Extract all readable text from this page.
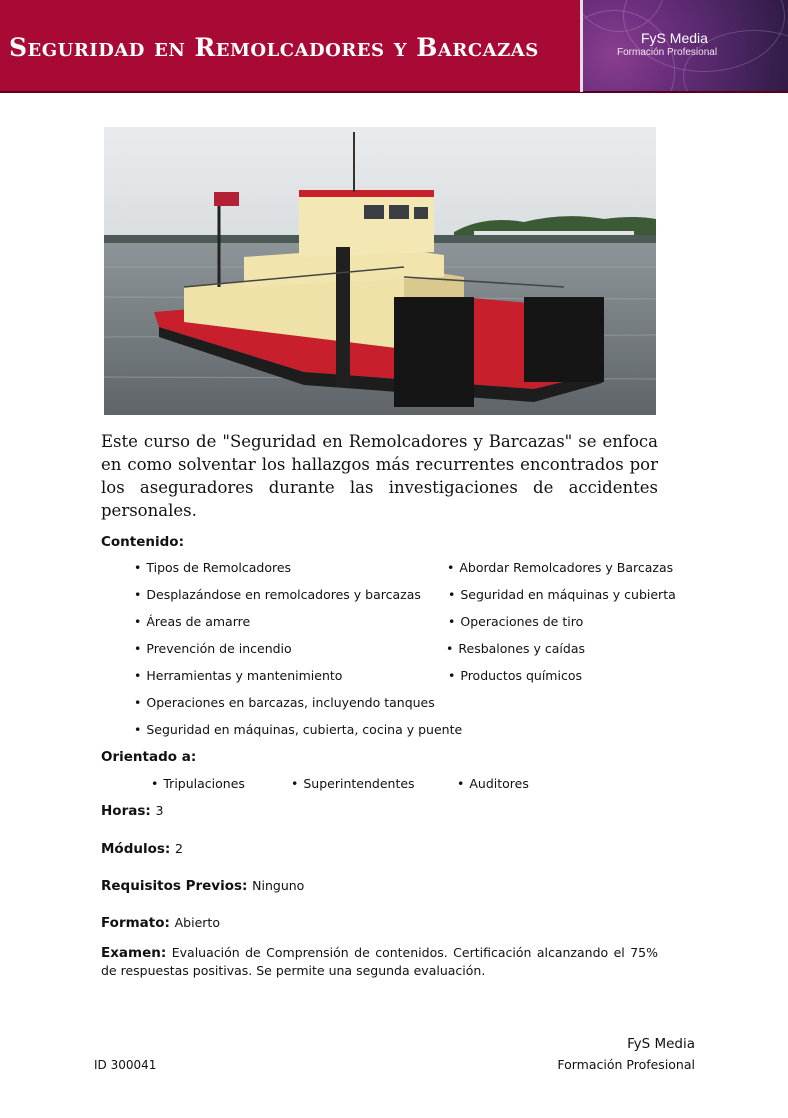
Seguridad en Remolcadores y Barcazas	FyS Media
Formación Profesional
Este curso de "Seguridad en Remolcadores y Barcazas" se enfoca en como solventar los hallazgos más recurrentes encontrados por los aseguradores durante las investigaciones de accidentes personales.
Contenido:
• Tipos de Remolcadores
• Desplazándose en remolcadores y barcazas
• Áreas de amarre
• Prevención de incendio
• Herramientas y mantenimiento
• Operaciones en barcazas, incluyendo tanques
• Seguridad en máquinas, cubierta, cocina y puente
• Abordar Remolcadores y Barcazas
• Seguridad en máquinas y cubierta
• Operaciones de tiro
• Resbalones y caídas
• Productos químicos
Orientado a:
• Tripulaciones	• Superintendentes	• Auditores
Horas: 3
Módulos: 2
Requisitos Previos: Ninguno
Formato: Abierto
Examen: Evaluación de Comprensión de contenidos. Certificación alcanzando el 75% de respuestas positivas. Se permite una segunda evaluación.
FyS Media
Formación Profesional
ID 300041
